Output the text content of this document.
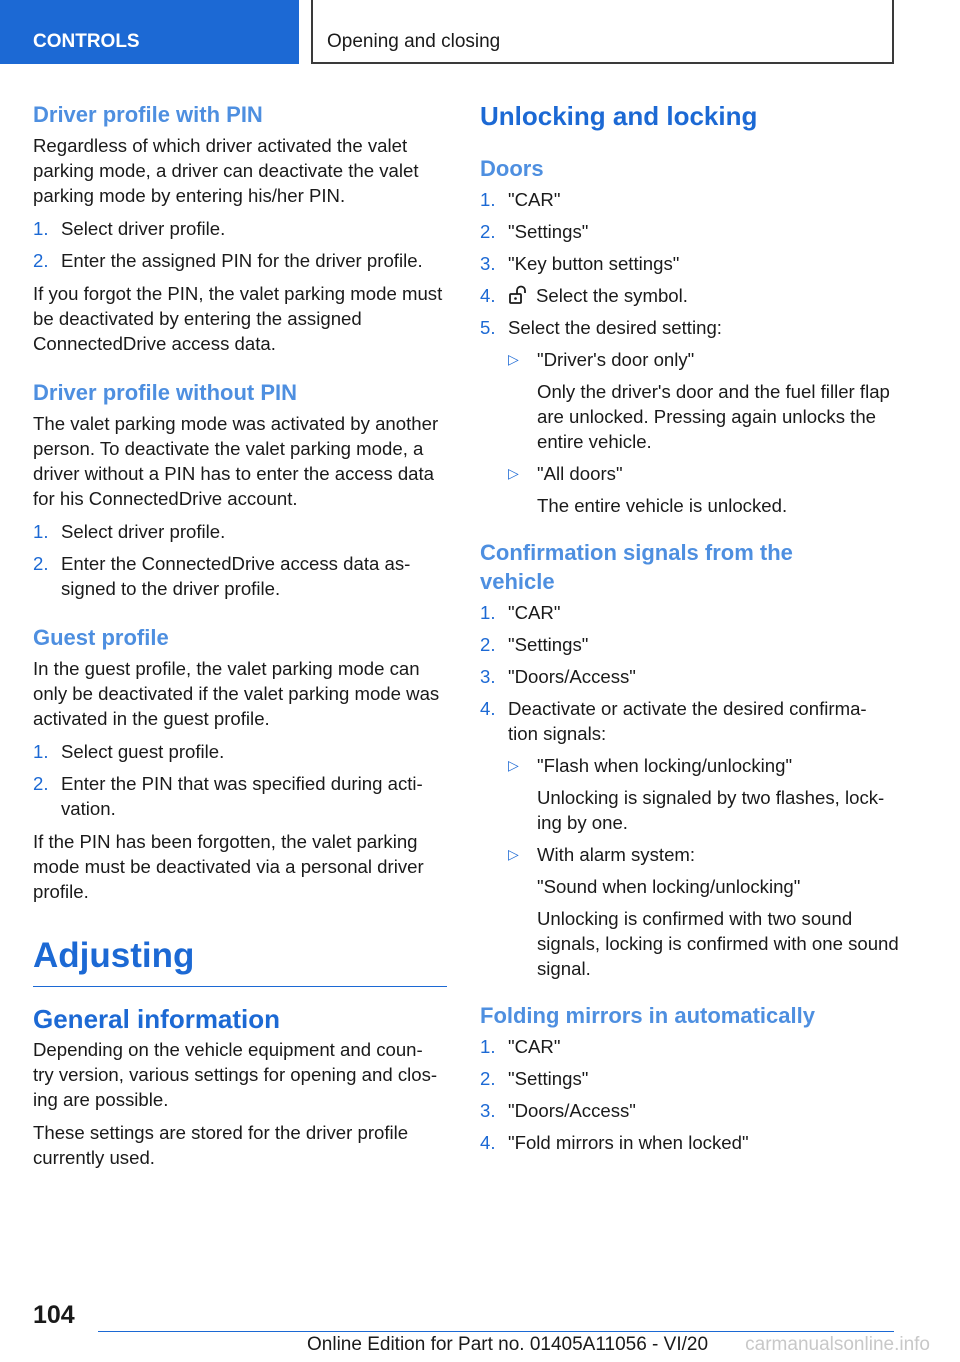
CONTROLS	Opening and closing
Driver profile with PIN

Regardless of which driver activated the valet parking mode, a driver can deactivate the valet parking mode by entering his/her PIN.

1. Select driver profile.
2. Enter the assigned PIN for the driver profile.

If you forgot the PIN, the valet parking mode must be deactivated by entering the assigned ConnectedDrive access data.

Driver profile without PIN

The valet parking mode was activated by another person. To deactivate the valet parking mode, a driver without a PIN has to enter the access data for his ConnectedDrive account.

1. Select driver profile.
2. Enter the ConnectedDrive access data as‐ signed to the driver profile.
Guest profile

In the guest profile, the valet parking mode can only be deactivated if the valet parking mode was activated in the guest profile.

1. Select guest profile.
2. Enter the PIN that was specified during acti‐ vation.

If the PIN has been forgotten, the valet parking mode must be deactivated via a personal driver profile.

Adjusting
General information

Depending on the vehicle equipment and coun‐ try version, various settings for opening and clos‐ ing are possible.

These settings are stored for the driver profile currently used.

Unlocking and locking
Doors
1. "CAR"
2. "Settings"
3. "Key button settings"
4. Select the symbol.
5. Select the desired setting:
▷ "Driver's door only"
Only the driver's door and the fuel filler flap are unlocked. Pressing again unlocks the entire vehicle.
▷ "All doors"
The entire vehicle is unlocked.
Confirmation signals from the vehicle
1. "CAR"
2. "Settings"
3. "Doors/Access"
4. Deactivate or activate the desired confirma‐ tion signals:
▷ "Flash when locking/unlocking"
Unlocking is signaled by two flashes, lock‐ ing by one.
▷ With alarm system:
"Sound when locking/unlocking"
Unlocking is confirmed with two sound signals, locking is confirmed with one sound signal.
Folding mirrors in automatically
1. "CAR"
2. "Settings"
3. "Doors/Access"
4. "Fold mirrors in when locked"
104
Online Edition for Part no. 01405A11056 - VI/20 carmanualsonline.info
